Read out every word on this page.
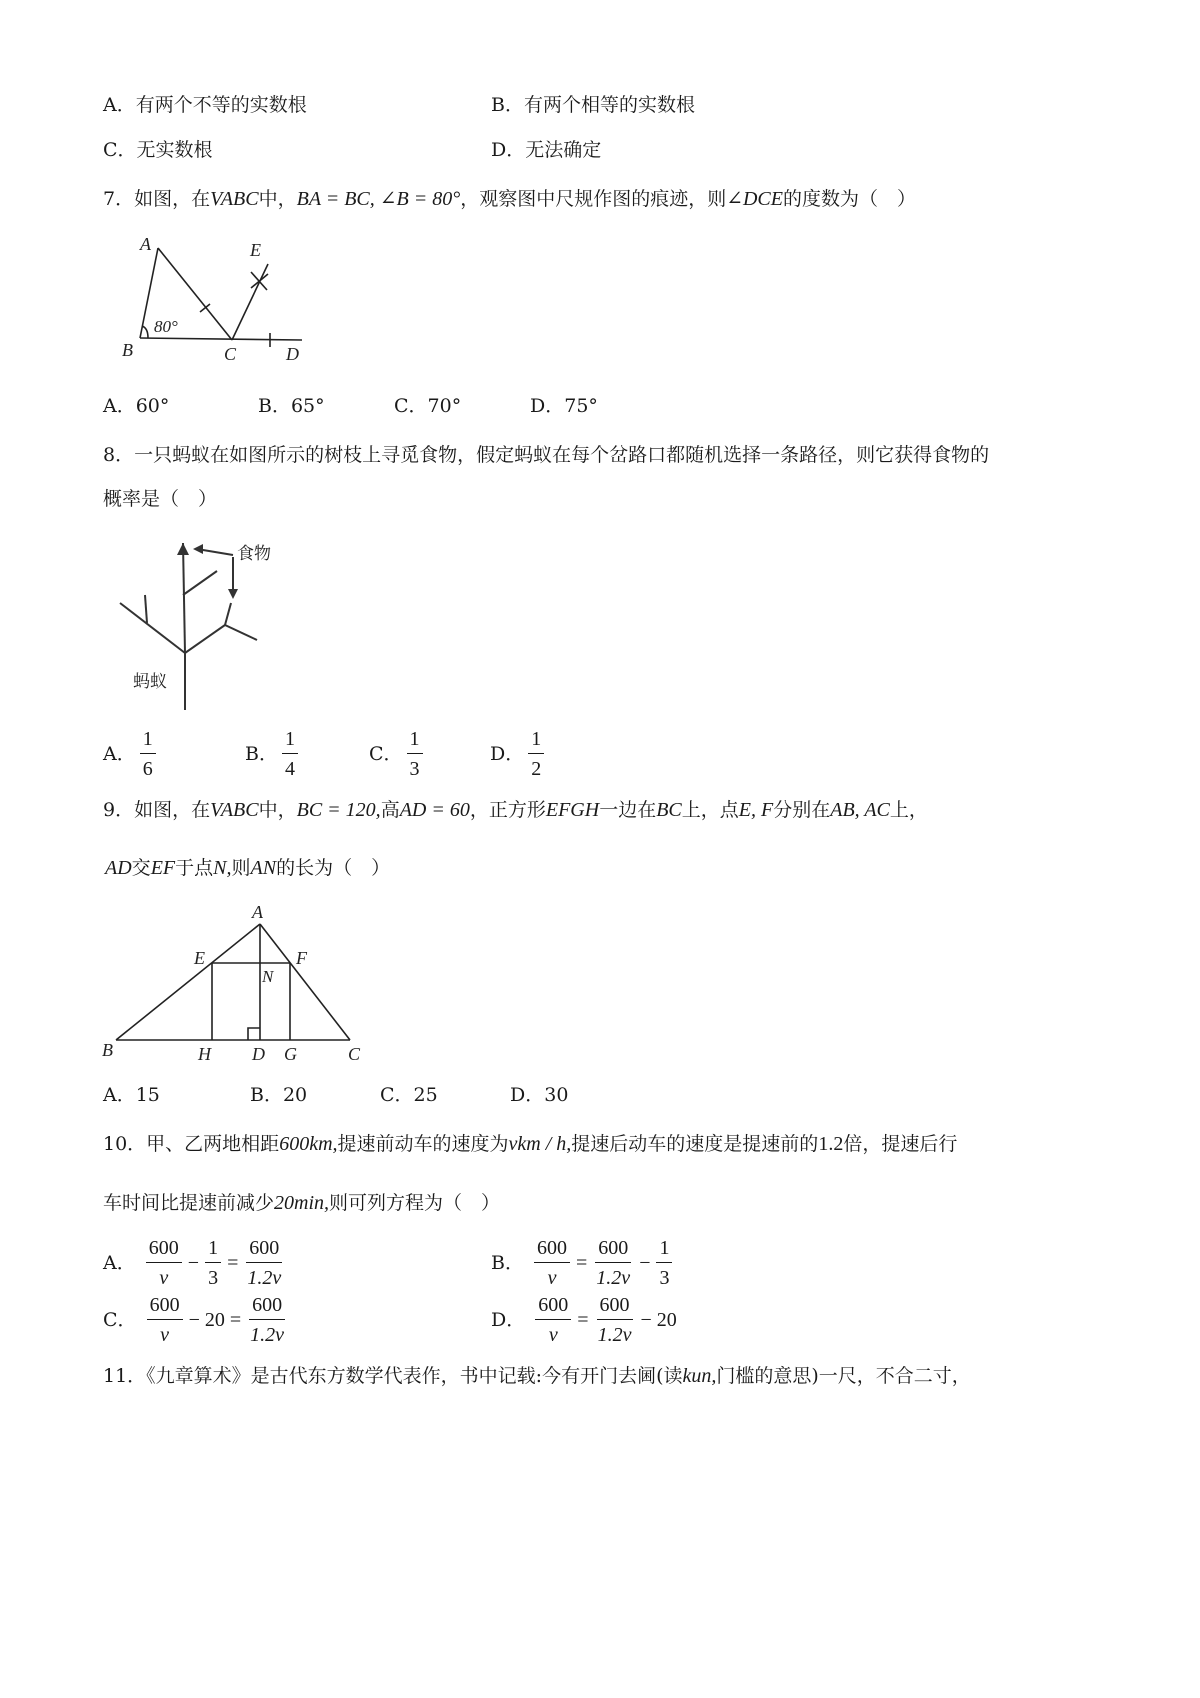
A．有两个不等的实数根	B．有两个相等的实数根
C．无实数根	D．无法确定
7．如图，在VABC中，BA = BC, ∠B = 80°，观察图中尺规作图的痕迹，则∠DCE的度数为（　）
A
B	C	D
E
80°
A．60°	B．65°	C．70°	D．75°
8．一只蚂蚁在如图所示的树枝上寻觅食物，假定蚂蚁在每个岔路口都随机选择一条路径，则它获得食物的
概率是（　）
食物
蚂蚁
A． $\frac{1}{6}$	B． $\frac{1}{4}$	C． $\frac{1}{3}$	D． $\frac{1}{2}$
9．如图，在VABC中，BC = 120,高AD = 60，正方形EFGH一边在BC上，点E, F分别在AB, AC上，
AD交EF于点N,则AN的长为（　）
A
B	C
D
E	F
G
H
N
A．15	B．20	C．25	D．30
10．甲、乙两地相距600km,提速前动车的速度为vkm / h,提速后动车的速度是提速前的1.2倍，提速后行
车时间比提速前减少20min,则可列方程为（　）
A． $\frac{600}{v} - \frac{1}{3} = \frac{600}{1.2v}$	B． $\frac{600}{v} = \frac{600}{1.2v} - \frac{1}{3}$
C． $\frac{600}{v} - 20 = \frac{600}{1.2v}$	D． $\frac{600}{v} = \frac{600}{1.2v} - 20$
11．《九章算术》是古代东方数学代表作，书中记载:今有开门去阃(读kun,门槛的意思)一尺，不合二寸，
